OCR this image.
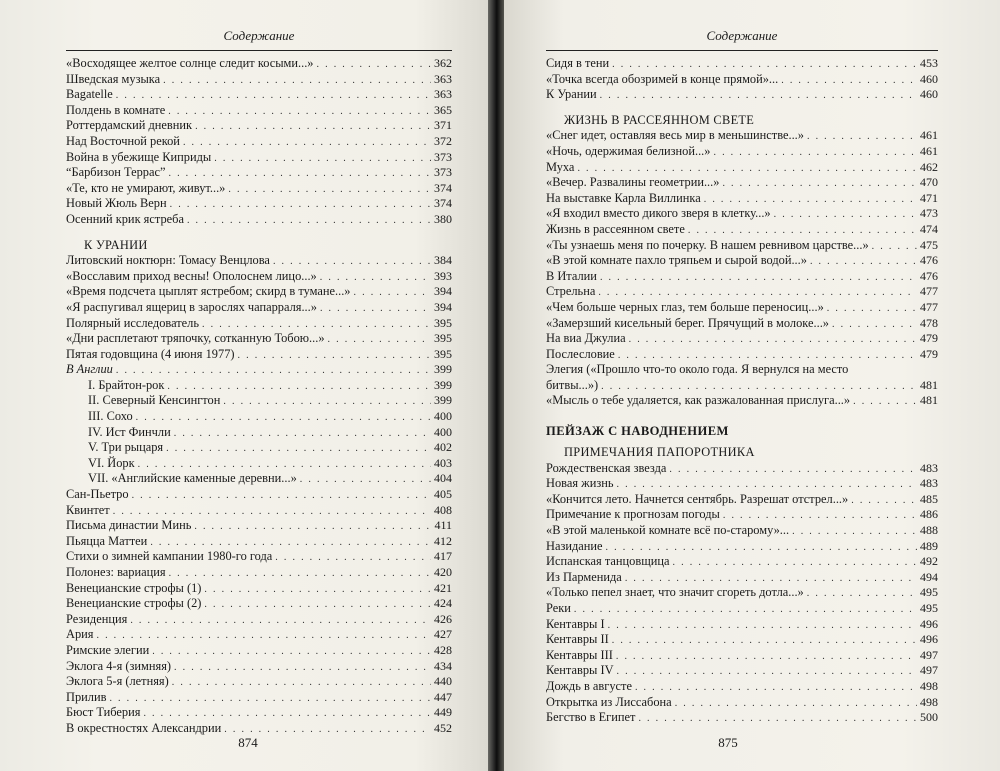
Содержание
«Восходящее желтое солнце следит косыми...» . . .	362
Шведская музыка . . .	363
Bagatelle . . .	363
Полдень в комнате . . .	365
Роттердамский дневник . . .	371
Над Восточной рекой . . .	372
Война в убежище Киприды . . .	373
“Барбизон Террас” . . .	373
«Те, кто не умирают, живут...» . . .	374
Новый Жюль Верн . . .	374
Осенний крик ястреба . . .	380
К УРАНИИ
Литовский ноктюрн: Томасу Венцлова . . .	384
«Восславим приход весны! Ополоснем лицо...» . . .	393
«Время подсчета цыплят ястребом; скирд в тумане...» . . .	394
«Я распугивал ящериц в зарослях чапарраля...» . . .	394
Полярный исследователь . . .	395
«Дни расплетают тряпочку, сотканную Тобою...» . . .	395
Пятая годовщина (4 июня 1977) . . .	395
В Англии . . .	399
I. Брайтон-рок . . .	399
II. Северный Кенсингтон . . .	399
III. Сохо . . .	400
IV. Ист Финчли . . .	400
V. Три рыцаря . . .	402
VI. Йорк . . .	403
VII. «Английские каменные деревни...» . . .	404
Сан-Пьетро . . .	405
Квинтет . . .	408
Письма династии Минь . . .	411
Пьяцца Маттеи . . .	412
Стихи о зимней кампании 1980-го года . . .	417
Полонез: вариация . . .	420
Венецианские строфы (1) . . .	421
Венецианские строфы (2) . . .	424
Резиденция . . .	426
Ария . . .	427
Римские элегии . . .	428
Эклога 4-я (зимняя) . . .	434
Эклога 5-я (летняя) . . .	440
Прилив . . .	447
Бюст Тиберия . . .	449
В окрестностях Александрии . . .	452
874
Содержание
Сидя в тени . . .	453
«Точка всегда обозримей в конце прямой»... . . .	460
К Урании . . .	460
ЖИЗНЬ В РАССЕЯННОМ СВЕТЕ
«Снег идет, оставляя весь мир в меньшинстве...» . . .	461
«Ночь, одержимая белизной...» . . .	461
Муха . . .	462
«Вечер. Развалины геометрии...» . . .	470
На выставке Карла Виллинка . . .	471
«Я входил вместо дикого зверя в клетку...» . . .	473
Жизнь в рассеянном свете . . .	474
«Ты узнаешь меня по почерку. В нашем ревнивом царстве...» . . .	475
«В этой комнате пахло тряпьем и сырой водой...» . . .	476
В Италии . . .	476
Стрельна . . .	477
«Чем больше черных глаз, тем больше переносиц...» . . .	477
«Замерзший кисельный берег. Прячущий в молоке...» . . .	478
На виа Джулиа . . .	479
Послесловие . . .	479
Элегия («Прошло что-то около года. Я вернулся на место
битвы...») . . .	481
«Мысль о тебе удаляется, как разжалованная прислуга...» . . .	481
ПЕЙЗАЖ С НАВОДНЕНИЕМ
ПРИМЕЧАНИЯ ПАПОРОТНИКА
Рождественская звезда . . .	483
Новая жизнь . . .	483
«Кончится лето. Начнется сентябрь. Разрешат отстрел...» . . .	485
Примечание к прогнозам погоды . . .	486
«В этой маленькой комнате всё по-старому»... . . .	488
Назидание . . .	489
Испанская танцовщица . . .	492
Из Парменида . . .	494
«Только пепел знает, что значит сгореть дотла...» . . .	495
Реки . . .	495
Кентавры I . . .	496
Кентавры II . . .	496
Кентавры III . . .	497
Кентавры IV . . .	497
Дождь в августе . . .	498
Открытка из Лиссабона . . .	498
Бегство в Египет . . .	500
875
